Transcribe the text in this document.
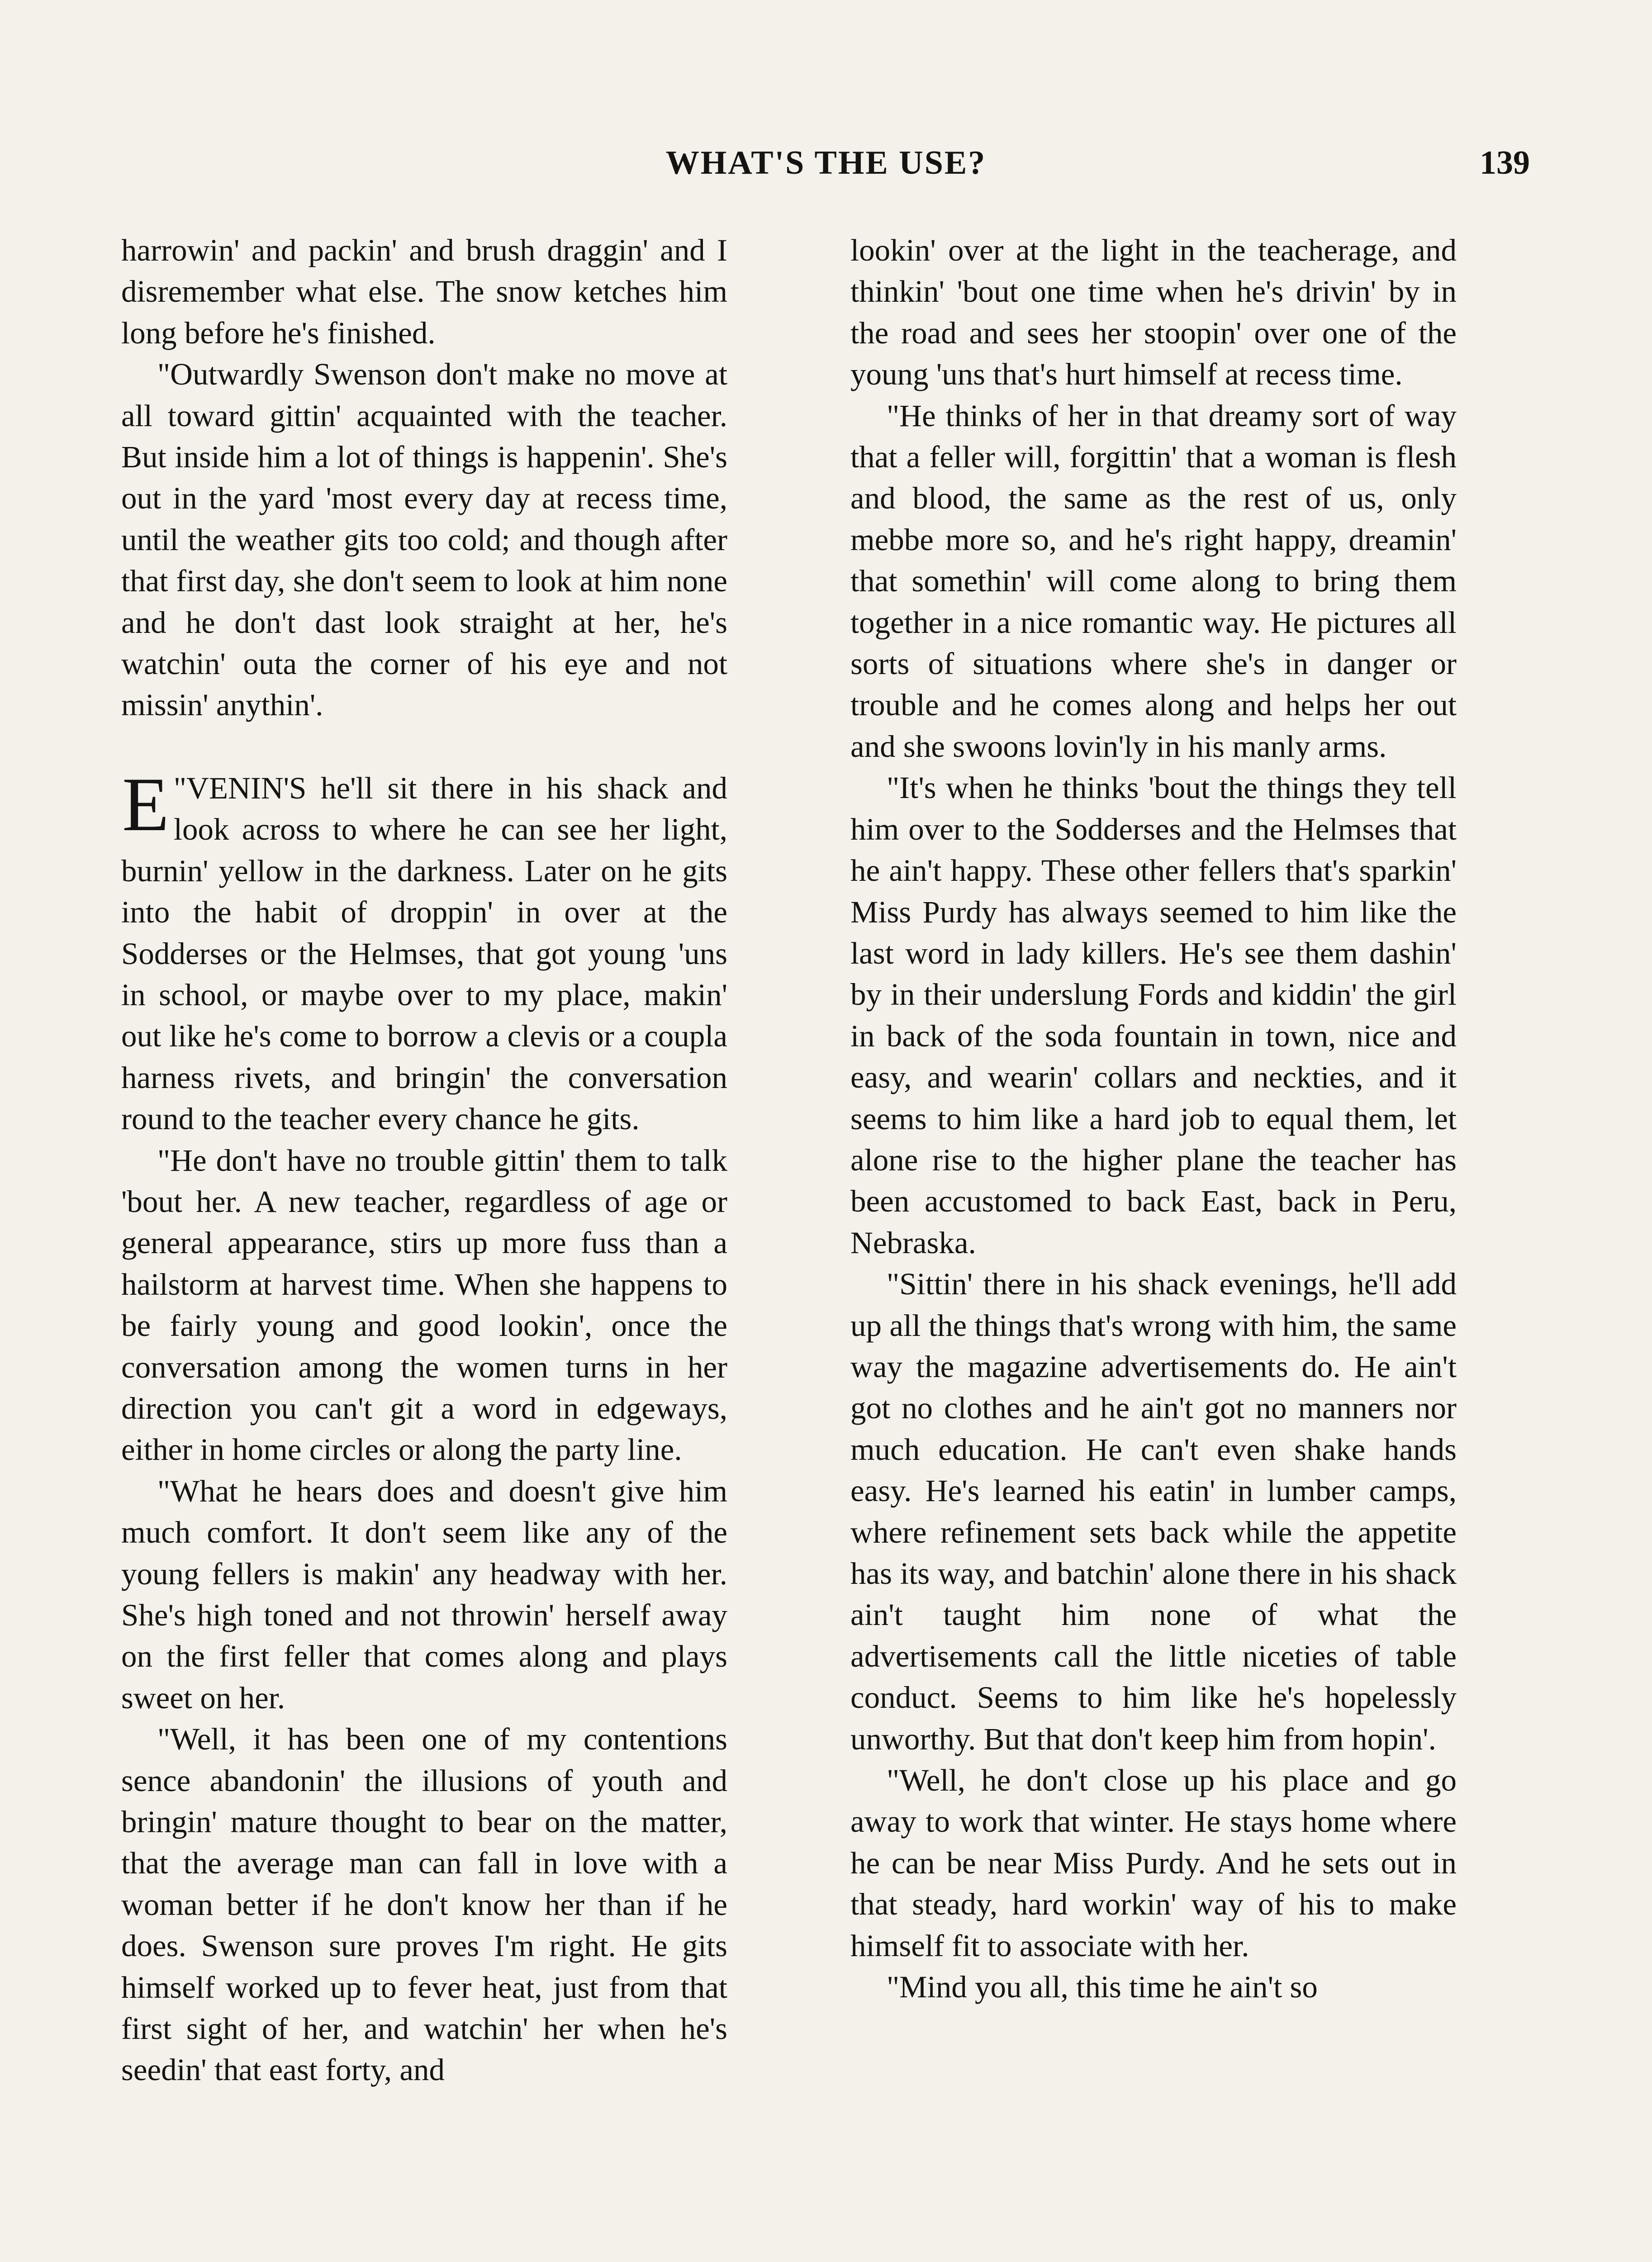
WHAT'S THE USE?	139

harrowin' and packin' and brush draggin' and I disremember what else. The snow ketches him long before he's finished.

"Outwardly Swenson don't make no move at all toward gittin' acquainted with the teacher. But inside him a lot of things is happenin'. She's out in the yard 'most every day at recess time, until the weather gits too cold; and though after that first day, she don't seem to look at him none and he don't dast look straight at her, he's watchin' outa the corner of his eye and not missin' anythin'.

"
E VENIN'S he'll sit there in his shack and look across to where he can see her light, burnin' yellow in the darkness. Later on he gits into the habit of droppin' in over at the Sodderses or the Helmses, that got young 'uns in school, or maybe over to my place, makin' out like he's come to borrow a clevis or a coupla harness rivets, and bringin' the conversation round to the teacher every chance he gits.

"He don't have no trouble gittin' them to talk 'bout her. A new teacher, regardless of age or general appearance, stirs up more fuss than a hailstorm at harvest time. When she happens to be fairly young and good lookin', once the conversation among the women turns in her direction you can't git a word in edgeways, either in home circles or along the party line.

"What he hears does and doesn't give him much comfort. It don't seem like any of the young fellers is makin' any headway with her. She's high toned and not throwin' herself away on the first feller that comes along and plays sweet on her.

"Well, it has been one of my contentions sence abandonin' the illusions of youth and bringin' mature thought to bear on the matter, that the average man can fall in love with a woman better if he don't know her than if he does. Swenson sure proves I'm right. He gits himself worked up to fever heat, just from that first sight of her, and watchin' her when he's seedin' that east forty, and

lookin' over at the light in the teacherage, and thinkin' 'bout one time when he's drivin' by in the road and sees her stoopin' over one of the young 'uns that's hurt himself at recess time.

"He thinks of her in that dreamy sort of way that a feller will, forgittin' that a woman is flesh and blood, the same as the rest of us, only mebbe more so, and he's right happy, dreamin' that somethin' will come along to bring them together in a nice romantic way. He pictures all sorts of situations where she's in danger or trouble and he comes along and helps her out and she swoons lovin'ly in his manly arms.

"It's when he thinks 'bout the things they tell him over to the Sodderses and the Helmses that he ain't happy. These other fellers that's sparkin' Miss Purdy has always seemed to him like the last word in lady killers. He's see them dashin' by in their underslung Fords and kiddin' the girl in back of the soda fountain in town, nice and easy, and wearin' collars and neckties, and it seems to him like a hard job to equal them, let alone rise to the higher plane the teacher has been accustomed to back East, back in Peru, Nebraska.

"Sittin' there in his shack evenings, he'll add up all the things that's wrong with him, the same way the magazine advertisements do. He ain't got no clothes and he ain't got no manners nor much education. He can't even shake hands easy. He's learned his eatin' in lumber camps, where refinement sets back while the appetite has its way, and batchin' alone there in his shack ain't taught him none of what the advertisements call the little niceties of table conduct. Seems to him like he's hopelessly unworthy. But that don't keep him from hopin'.

"Well, he don't close up his place and go away to work that winter. He stays home where he can be near Miss Purdy. And he sets out in that steady, hard workin' way of his to make himself fit to associate with her.

"Mind you all, this time he ain't so
